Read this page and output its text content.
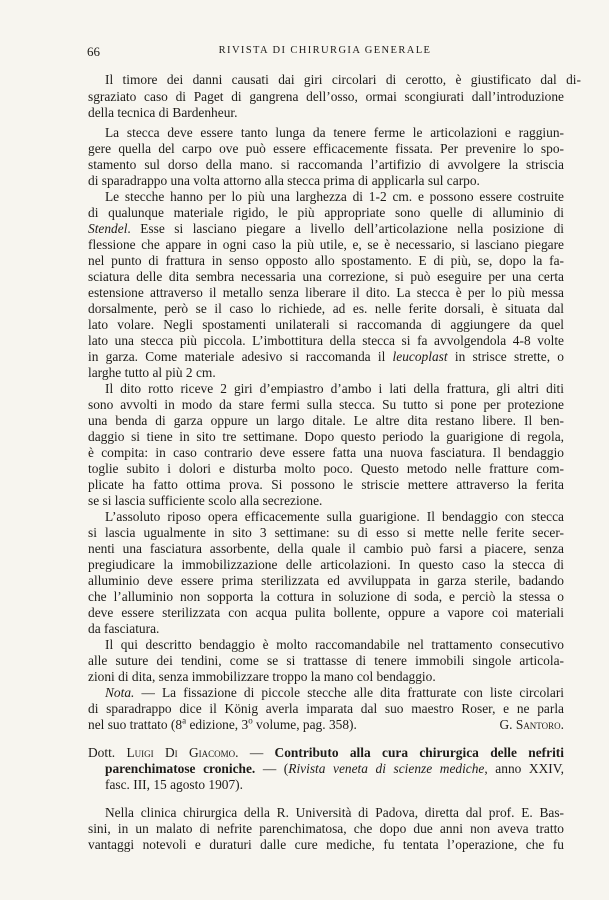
66	RIVISTA DI CHIRURGIA GENERALE
Il timore dei danni causati dai giri circolari di cerotto, è giustificato dal di-
sgraziato caso di Paget di gangrena dell’osso, ormai scongiurati dall’introduzione
della tecnica di Bardenheur.
La stecca deve essere tanto lunga da tenere ferme le articolazioni e raggiun-
gere quella del carpo ove può essere efficacemente fissata. Per prevenire lo spo-
stamento sul dorso della mano. si raccomanda l’artifizio di avvolgere la striscia
di sparadrappo una volta attorno alla stecca prima di applicarla sul carpo.
Le stecche hanno per lo più una larghezza di 1-2 cm. e possono essere costruite
di qualunque materiale rigido, le più appropriate sono quelle di alluminio di
Stendel. Esse si lasciano piegare a livello dell’articolazione nella posizione di
flessione che appare in ogni caso la più utile, e, se è necessario, si lasciano piegare
nel punto di frattura in senso opposto allo spostamento. E di più, se, dopo la fa-
sciatura delle dita sembra necessaria una correzione, si può eseguire per una certa
estensione attraverso il metallo senza liberare il dito. La stecca è per lo più messa
dorsalmente, però se il caso lo richiede, ad es. nelle ferite dorsali, è situata dal
lato volare. Negli spostamenti unilaterali si raccomanda di aggiungere da quel
lato una stecca più piccola. L’imbottitura della stecca si fa avvolgendola 4-8 volte
in garza. Come materiale adesivo si raccomanda il leucoplast in strisce strette, o
larghe tutto al più 2 cm.
Il dito rotto riceve 2 giri d’empiastro d’ambo i lati della frattura, gli altri diti
sono avvolti in modo da stare fermi sulla stecca. Su tutto si pone per protezione
una benda di garza oppure un largo ditale. Le altre dita restano libere. Il ben-
daggio si tiene in sito tre settimane. Dopo questo periodo la guarigione di regola,
è compita: in caso contrario deve essere fatta una nuova fasciatura. Il bendaggio
toglie subito i dolori e disturba molto poco. Questo metodo nelle fratture com-
plicate ha fatto ottima prova. Si possono le striscie mettere attraverso la ferita
se si lascia sufficiente scolo alla secrezione.
L’assoluto riposo opera efficacemente sulla guarigione. Il bendaggio con stecca
si lascia ugualmente in sito 3 settimane: su di esso si mette nelle ferite secer-
nenti una fasciatura assorbente, della quale il cambio può farsi a piacere, senza
pregiudicare la immobilizzazione delle articolazioni. In questo caso la stecca di
alluminio deve essere prima sterilizzata ed avviluppata in garza sterile, badando
che l’alluminio non sopporta la cottura in soluzione di soda, e perciò la stessa o
deve essere sterilizzata con acqua pulita bollente, oppure a vapore coi materiali
da fasciatura.
Il qui descritto bendaggio è molto raccomandabile nel trattamento consecutivo
alle suture dei tendini, come se si trattasse di tenere immobili singole articola-
zioni di dita, senza immobilizzare troppo la mano col bendaggio.
Nota. — La fissazione di piccole stecche alle dita fratturate con liste circolari
di sparadrappo dice il König averla imparata dal suo maestro Roser, e ne parla
nel suo trattato (8$^a$ edizione, 3$^o$ volume, pag. 358).	G. Santoro.
Dott. Luigi Di Giacomo. — Contributo alla cura chirurgica delle nefriti
parenchimatose croniche. — (Rivista veneta di scienze mediche, anno XXIV,
fasc. III, 15 agosto 1907).
Nella clinica chirurgica della R. Università di Padova, diretta dal prof. E. Bas-
sini, in un malato di nefrite parenchimatosa, che dopo due anni non aveva tratto
vantaggi notevoli e duraturi dalle cure mediche, fu tentata l’operazione, che fu
